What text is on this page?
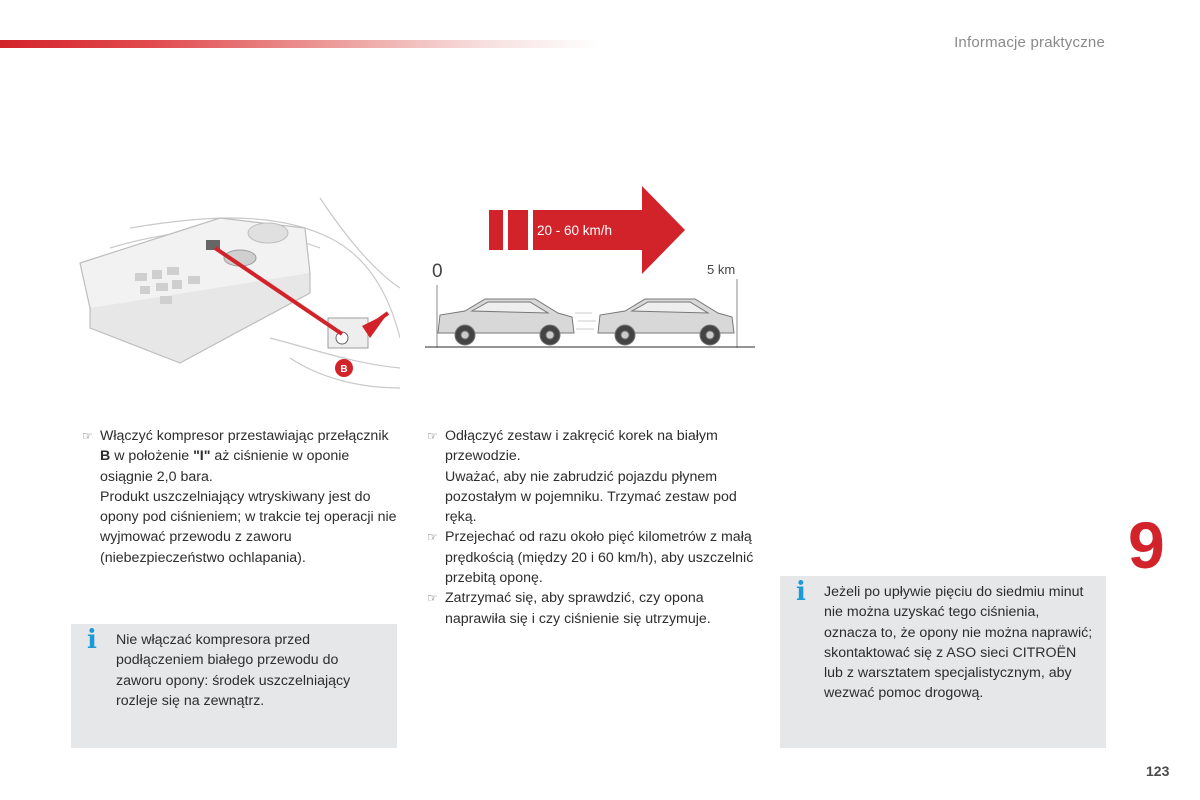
Informacje praktyczne
B
20 - 60 km/h
0	5 km
☞ Włączyć kompresor przestawiając przełącznik B w położenie "I" aż ciśnienie w oponie osiągnie 2,0 bara.
Produkt uszczelniający wtryskiwany jest do opony pod ciśnieniem; w trakcie tej operacji nie wyjmować przewodu z zaworu (niebezpieczeństwo ochlapania).
☞ Odłączyć zestaw i zakręcić korek na białym przewodzie.
Uważać, aby nie zabrudzić pojazdu płynem pozostałym w pojemniku. Trzymać zestaw pod ręką.
☞ Przejechać od razu około pięć kilometrów z małą prędkością (między 20 i 60 km/h), aby uszczelnić przebitą oponę.
☞ Zatrzymać się, aby sprawdzić, czy opona naprawiła się i czy ciśnienie się utrzymuje.
i Nie włączać kompresora przed podłączeniem białego przewodu do zaworu opony: środek uszczelniający rozleje się na zewnątrz.
i Jeżeli po upływie pięciu do siedmiu minut nie można uzyskać tego ciśnienia, oznacza to, że opony nie można naprawić; skontaktować się z ASO sieci CITROËN lub z warsztatem specjalistycznym, aby wezwać pomoc drogową.
9
123
